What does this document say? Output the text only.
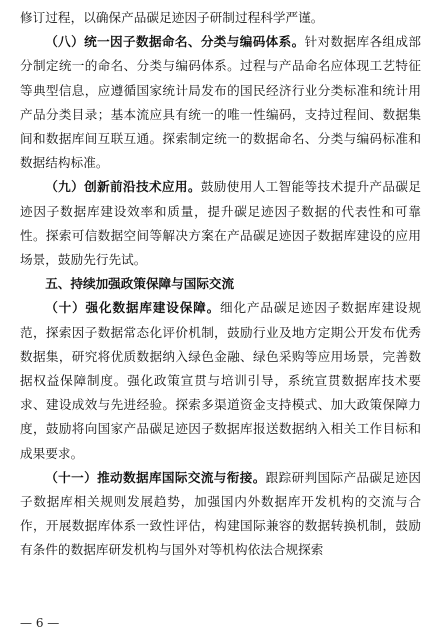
修订过程，以确保产品碳足迹因子研制过程科学严谨。

（八）统一因子数据命名、分类与编码体系。针对数据库各组成部分制定统一的命名、分类与编码体系。过程与产品命名应体现工艺特征等典型信息，应遵循国家统计局发布的国民经济行业分类标准和统计用产品分类目录；基本流应具有统一的唯一性编码，支持过程间、数据集间和数据库间互联互通。探索制定统一的数据命名、分类与编码标准和数据结构标准。

（九）创新前沿技术应用。鼓励使用人工智能等技术提升产品碳足迹因子数据库建设效率和质量，提升碳足迹因子数据的代表性和可靠性。探索可信数据空间等解决方案在产品碳足迹因子数据库建设的应用场景，鼓励先行先试。

五、持续加强政策保障与国际交流

（十）强化数据库建设保障。细化产品碳足迹因子数据库建设规范，探索因子数据常态化评价机制，鼓励行业及地方定期公开发布优秀数据集，研究将优质数据纳入绿色金融、绿色采购等应用场景，完善数据权益保障制度。强化政策宣贯与培训引导，系统宣贯数据库技术要求、建设成效与先进经验。探索多渠道资金支持模式、加大政策保障力度，鼓励将向国家产品碳足迹因子数据库报送数据纳入相关工作目标和成果要求。

（十一）推动数据库国际交流与衔接。跟踪研判国际产品碳足迹因子数据库相关规则发展趋势，加强国内外数据库开发机构的交流与合作，开展数据库体系一致性评估，构建国际兼容的数据转换机制，鼓励有条件的数据库研发机构与国外对等机构依法合规探索

— 6 —
